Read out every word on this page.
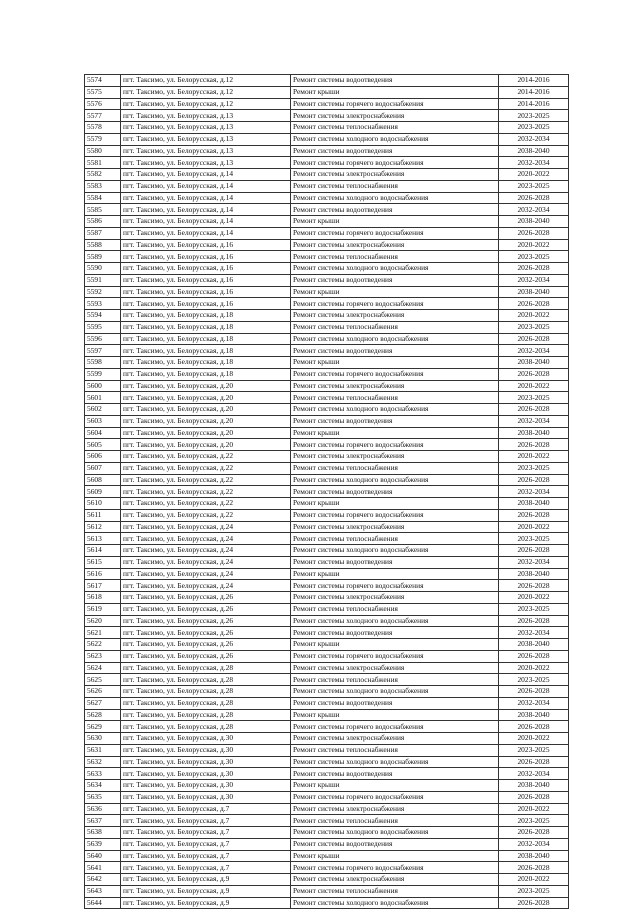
5574	пгт. Таксимо, ул. Белорусская, д.12	Ремонт системы водоотведения	2014-2016
5575	пгт. Таксимо, ул. Белорусская, д.12	Ремонт крыши	2014-2016
5576	пгт. Таксимо, ул. Белорусская, д.12	Ремонт системы горячего водоснабжения	2014-2016
5577	пгт. Таксимо, ул. Белорусская, д.13	Ремонт системы электроснабжения	2023-2025
5578	пгт. Таксимо, ул. Белорусская, д.13	Ремонт системы теплоснабжения	2023-2025
5579	пгт. Таксимо, ул. Белорусская, д.13	Ремонт системы холодного водоснабжения	2032-2034
5580	пгт. Таксимо, ул. Белорусская, д.13	Ремонт системы водоотведения	2038-2040
5581	пгт. Таксимо, ул. Белорусская, д.13	Ремонт системы горячего водоснабжения	2032-2034
5582	пгт. Таксимо, ул. Белорусская, д.14	Ремонт системы электроснабжения	2020-2022
5583	пгт. Таксимо, ул. Белорусская, д.14	Ремонт системы теплоснабжения	2023-2025
5584	пгт. Таксимо, ул. Белорусская, д.14	Ремонт системы холодного водоснабжения	2026-2028
5585	пгт. Таксимо, ул. Белорусская, д.14	Ремонт системы водоотведения	2032-2034
5586	пгт. Таксимо, ул. Белорусская, д.14	Ремонт крыши	2038-2040
5587	пгт. Таксимо, ул. Белорусская, д.14	Ремонт системы горячего водоснабжения	2026-2028
5588	пгт. Таксимо, ул. Белорусская, д.16	Ремонт системы электроснабжения	2020-2022
5589	пгт. Таксимо, ул. Белорусская, д.16	Ремонт системы теплоснабжения	2023-2025
5590	пгт. Таксимо, ул. Белорусская, д.16	Ремонт системы холодного водоснабжения	2026-2028
5591	пгт. Таксимо, ул. Белорусская, д.16	Ремонт системы водоотведения	2032-2034
5592	пгт. Таксимо, ул. Белорусская, д.16	Ремонт крыши	2038-2040
5593	пгт. Таксимо, ул. Белорусская, д.16	Ремонт системы горячего водоснабжения	2026-2028
5594	пгт. Таксимо, ул. Белорусская, д.18	Ремонт системы электроснабжения	2020-2022
5595	пгт. Таксимо, ул. Белорусская, д.18	Ремонт системы теплоснабжения	2023-2025
5596	пгт. Таксимо, ул. Белорусская, д.18	Ремонт системы холодного водоснабжения	2026-2028
5597	пгт. Таксимо, ул. Белорусская, д.18	Ремонт системы водоотведения	2032-2034
5598	пгт. Таксимо, ул. Белорусская, д.18	Ремонт крыши	2038-2040
5599	пгт. Таксимо, ул. Белорусская, д.18	Ремонт системы горячего водоснабжения	2026-2028
5600	пгт. Таксимо, ул. Белорусская, д.20	Ремонт системы электроснабжения	2020-2022
5601	пгт. Таксимо, ул. Белорусская, д.20	Ремонт системы теплоснабжения	2023-2025
5602	пгт. Таксимо, ул. Белорусская, д.20	Ремонт системы холодного водоснабжения	2026-2028
5603	пгт. Таксимо, ул. Белорусская, д.20	Ремонт системы водоотведения	2032-2034
5604	пгт. Таксимо, ул. Белорусская, д.20	Ремонт крыши	2038-2040
5605	пгт. Таксимо, ул. Белорусская, д.20	Ремонт системы горячего водоснабжения	2026-2028
5606	пгт. Таксимо, ул. Белорусская, д.22	Ремонт системы электроснабжения	2020-2022
5607	пгт. Таксимо, ул. Белорусская, д.22	Ремонт системы теплоснабжения	2023-2025
5608	пгт. Таксимо, ул. Белорусская, д.22	Ремонт системы холодного водоснабжения	2026-2028
5609	пгт. Таксимо, ул. Белорусская, д.22	Ремонт системы водоотведения	2032-2034
5610	пгт. Таксимо, ул. Белорусская, д.22	Ремонт крыши	2038-2040
5611	пгт. Таксимо, ул. Белорусская, д.22	Ремонт системы горячего водоснабжения	2026-2028
5612	пгт. Таксимо, ул. Белорусская, д.24	Ремонт системы электроснабжения	2020-2022
5613	пгт. Таксимо, ул. Белорусская, д.24	Ремонт системы теплоснабжения	2023-2025
5614	пгт. Таксимо, ул. Белорусская, д.24	Ремонт системы холодного водоснабжения	2026-2028
5615	пгт. Таксимо, ул. Белорусская, д.24	Ремонт системы водоотведения	2032-2034
5616	пгт. Таксимо, ул. Белорусская, д.24	Ремонт крыши	2038-2040
5617	пгт. Таксимо, ул. Белорусская, д.24	Ремонт системы горячего водоснабжения	2026-2028
5618	пгт. Таксимо, ул. Белорусская, д.26	Ремонт системы электроснабжения	2020-2022
5619	пгт. Таксимо, ул. Белорусская, д.26	Ремонт системы теплоснабжения	2023-2025
5620	пгт. Таксимо, ул. Белорусская, д.26	Ремонт системы холодного водоснабжения	2026-2028
5621	пгт. Таксимо, ул. Белорусская, д.26	Ремонт системы водоотведения	2032-2034
5622	пгт. Таксимо, ул. Белорусская, д.26	Ремонт крыши	2038-2040
5623	пгт. Таксимо, ул. Белорусская, д.26	Ремонт системы горячего водоснабжения	2026-2028
5624	пгт. Таксимо, ул. Белорусская, д.28	Ремонт системы электроснабжения	2020-2022
5625	пгт. Таксимо, ул. Белорусская, д.28	Ремонт системы теплоснабжения	2023-2025
5626	пгт. Таксимо, ул. Белорусская, д.28	Ремонт системы холодного водоснабжения	2026-2028
5627	пгт. Таксимо, ул. Белорусская, д.28	Ремонт системы водоотведения	2032-2034
5628	пгт. Таксимо, ул. Белорусская, д.28	Ремонт крыши	2038-2040
5629	пгт. Таксимо, ул. Белорусская, д.28	Ремонт системы горячего водоснабжения	2026-2028
5630	пгт. Таксимо, ул. Белорусская, д.30	Ремонт системы электроснабжения	2020-2022
5631	пгт. Таксимо, ул. Белорусская, д.30	Ремонт системы теплоснабжения	2023-2025
5632	пгт. Таксимо, ул. Белорусская, д.30	Ремонт системы холодного водоснабжения	2026-2028
5633	пгт. Таксимо, ул. Белорусская, д.30	Ремонт системы водоотведения	2032-2034
5634	пгт. Таксимо, ул. Белорусская, д.30	Ремонт крыши	2038-2040
5635	пгт. Таксимо, ул. Белорусская, д.30	Ремонт системы горячего водоснабжения	2026-2028
5636	пгт. Таксимо, ул. Белорусская, д.7	Ремонт системы электроснабжения	2020-2022
5637	пгт. Таксимо, ул. Белорусская, д.7	Ремонт системы теплоснабжения	2023-2025
5638	пгт. Таксимо, ул. Белорусская, д.7	Ремонт системы холодного водоснабжения	2026-2028
5639	пгт. Таксимо, ул. Белорусская, д.7	Ремонт системы водоотведения	2032-2034
5640	пгт. Таксимо, ул. Белорусская, д.7	Ремонт крыши	2038-2040
5641	пгт. Таксимо, ул. Белорусская, д.7	Ремонт системы горячего водоснабжения	2026-2028
5642	пгт. Таксимо, ул. Белорусская, д.9	Ремонт системы электроснабжения	2020-2022
5643	пгт. Таксимо, ул. Белорусская, д.9	Ремонт системы теплоснабжения	2023-2025
5644	пгт. Таксимо, ул. Белорусская, д.9	Ремонт системы холодного водоснабжения	2026-2028
